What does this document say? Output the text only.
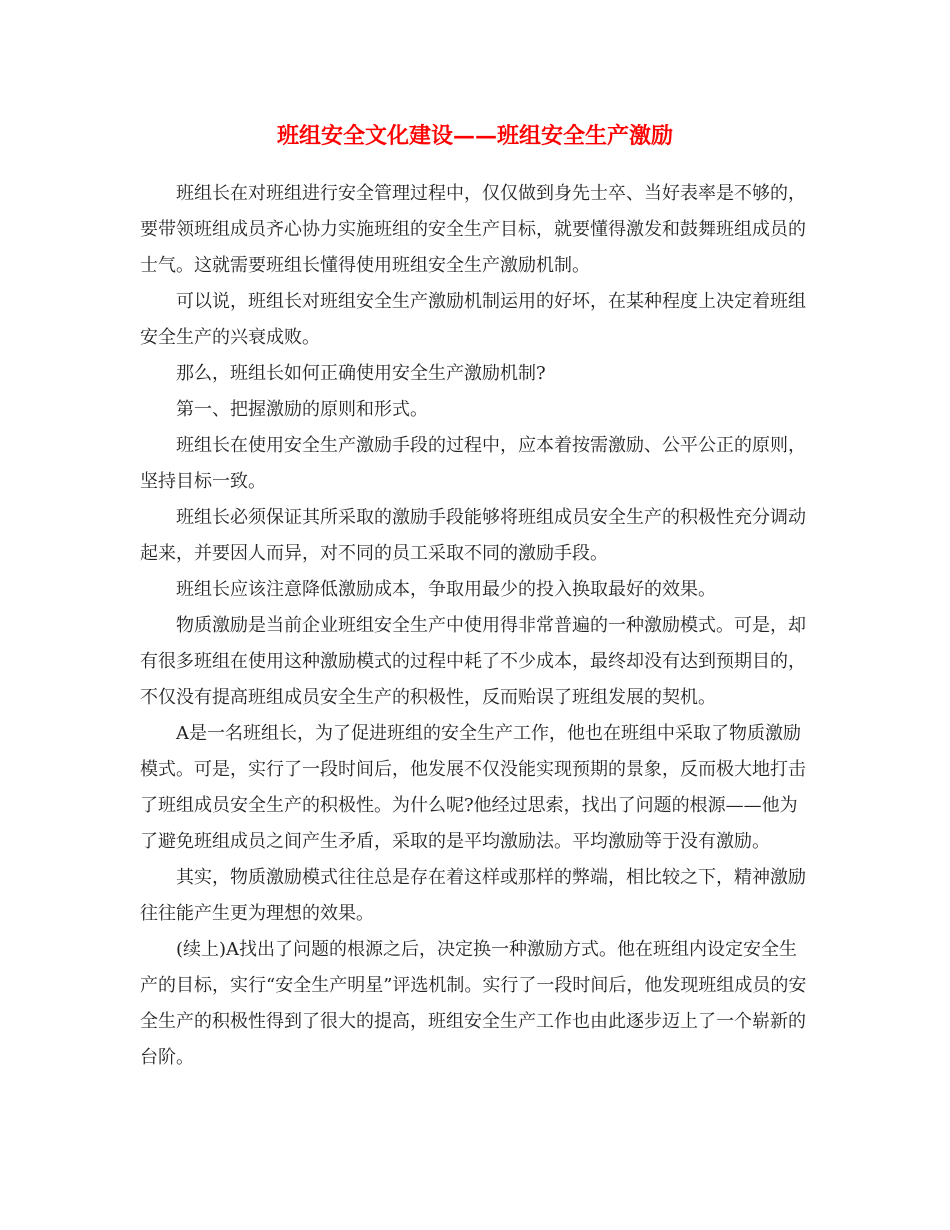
班组安全文化建设——班组安全生产激励

班组长在对班组进行安全管理过程中，仅仅做到身先士卒、当好表率是不够的，要带领班组成员齐心协力实施班组的安全生产目标，就要懂得激发和鼓舞班组成员的士气。这就需要班组长懂得使用班组安全生产激励机制。

可以说，班组长对班组安全生产激励机制运用的好坏，在某种程度上决定着班组安全生产的兴衰成败。

那么，班组长如何正确使用安全生产激励机制?

第一、把握激励的原则和形式。

班组长在使用安全生产激励手段的过程中，应本着按需激励、公平公正的原则，坚持目标一致。

班组长必须保证其所采取的激励手段能够将班组成员安全生产的积极性充分调动起来，并要因人而异，对不同的员工采取不同的激励手段。

班组长应该注意降低激励成本，争取用最少的投入换取最好的效果。

物质激励是当前企业班组安全生产中使用得非常普遍的一种激励模式。可是，却有很多班组在使用这种激励模式的过程中耗了不少成本，最终却没有达到预期目的，不仅没有提高班组成员安全生产的积极性，反而贻误了班组发展的契机。

A是一名班组长，为了促进班组的安全生产工作，他也在班组中采取了物质激励模式。可是，实行了一段时间后，他发展不仅没能实现预期的景象，反而极大地打击了班组成员安全生产的积极性。为什么呢?他经过思索，找出了问题的根源——他为了避免班组成员之间产生矛盾，采取的是平均激励法。平均激励等于没有激励。

其实，物质激励模式往往总是存在着这样或那样的弊端，相比较之下，精神激励往往能产生更为理想的效果。

(续上)A找出了问题的根源之后，决定换一种激励方式。他在班组内设定安全生产的目标，实行“安全生产明星”评选机制。实行了一段时间后，他发现班组成员的安全生产的积极性得到了很大的提高，班组安全生产工作也由此逐步迈上了一个崭新的台阶。
